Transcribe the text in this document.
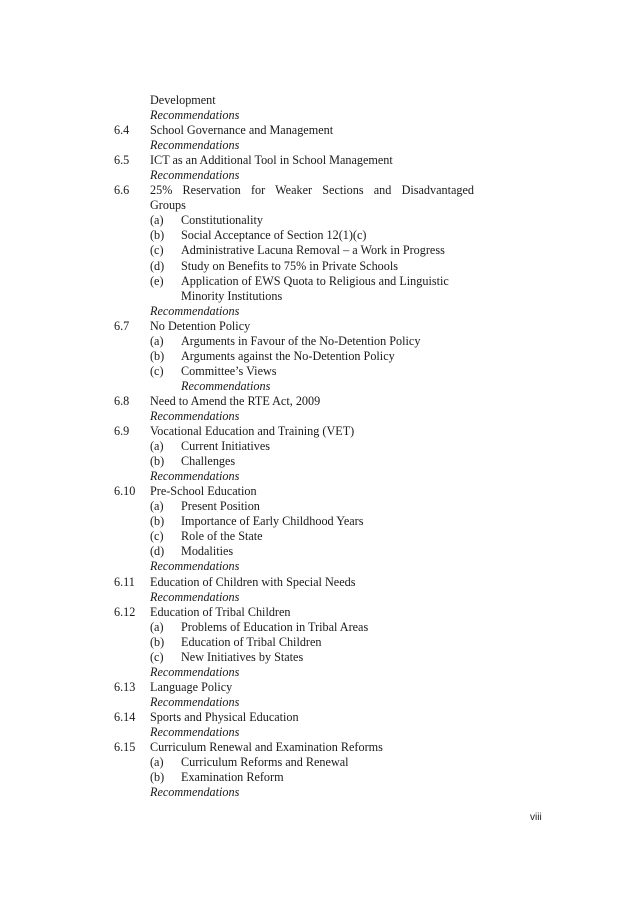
Development
Recommendations
6.4 School Governance and Management
Recommendations
6.5 ICT as an Additional Tool in School Management
Recommendations
6.6 25% Reservation for Weaker Sections and Disadvantaged
Groups
(a) Constitutionality
(b) Social Acceptance of Section 12(1)(c)
(c) Administrative Lacuna Removal – a Work in Progress
(d) Study on Benefits to 75% in Private Schools
(e) Application of EWS Quota to Religious and Linguistic
Minority Institutions
Recommendations
6.7 No Detention Policy
(a) Arguments in Favour of the No-Detention Policy
(b) Arguments against the No-Detention Policy
(c) Committee’s Views
Recommendations
6.8 Need to Amend the RTE Act, 2009
Recommendations
6.9 Vocational Education and Training (VET)
(a) Current Initiatives
(b) Challenges
Recommendations
6.10 Pre-School Education
(a) Present Position
(b) Importance of Early Childhood Years
(c) Role of the State
(d) Modalities
Recommendations
6.11 Education of Children with Special Needs
Recommendations
6.12 Education of Tribal Children
(a) Problems of Education in Tribal Areas
(b) Education of Tribal Children
(c) New Initiatives by States
Recommendations
6.13 Language Policy
Recommendations
6.14 Sports and Physical Education
Recommendations
6.15 Curriculum Renewal and Examination Reforms
(a) Curriculum Reforms and Renewal
(b) Examination Reform
Recommendations
viii
